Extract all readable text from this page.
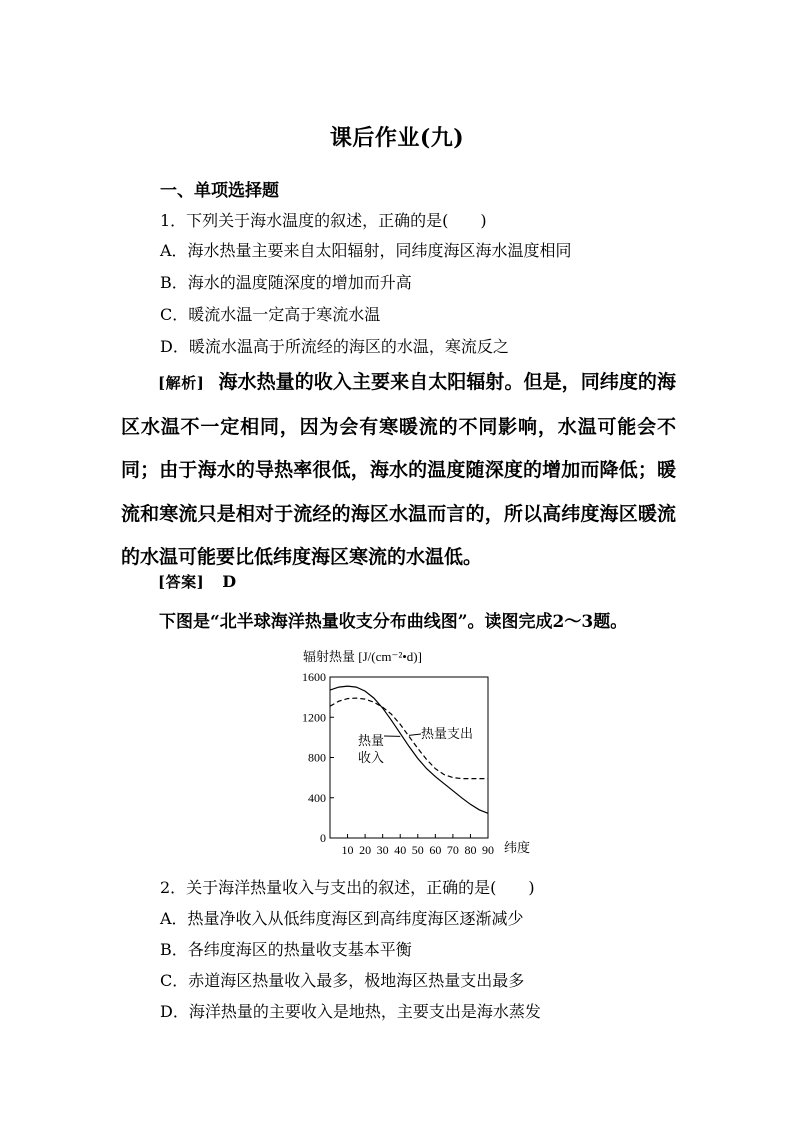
课后作业(九)
一、单项选择题
1．下列关于海水温度的叙述，正确的是(　　)
A．海水热量主要来自太阳辐射，同纬度海区海水温度相同
B．海水的温度随深度的增加而升高
C．暖流水温一定高于寒流水温
D．暖流水温高于所流经的海区的水温，寒流反之
[解析] 海水热量的收入主要来自太阳辐射。但是，同纬度的海区水温不一定相同，因为会有寒暖流的不同影响，水温可能会不同；由于海水的导热率很低，海水的温度随深度的增加而降低；暖流和寒流只是相对于流经的海区水温而言的，所以高纬度海区暖流的水温可能要比低纬度海区寒流的水温低。
[答案] D
下图是“北半球海洋热量收支分布曲线图”。读图完成2～3题。
辐射热量 [J/(cm⁻²•d)]
0
400
800
1200
1600
10 20 30 40 50 60 70 80 90 纬度
热量
收入
热量支出
2．关于海洋热量收入与支出的叙述，正确的是(　　)
A．热量净收入从低纬度海区到高纬度海区逐渐减少
B．各纬度海区的热量收支基本平衡
C．赤道海区热量收入最多，极地海区热量支出最多
D．海洋热量的主要收入是地热，主要支出是海水蒸发
